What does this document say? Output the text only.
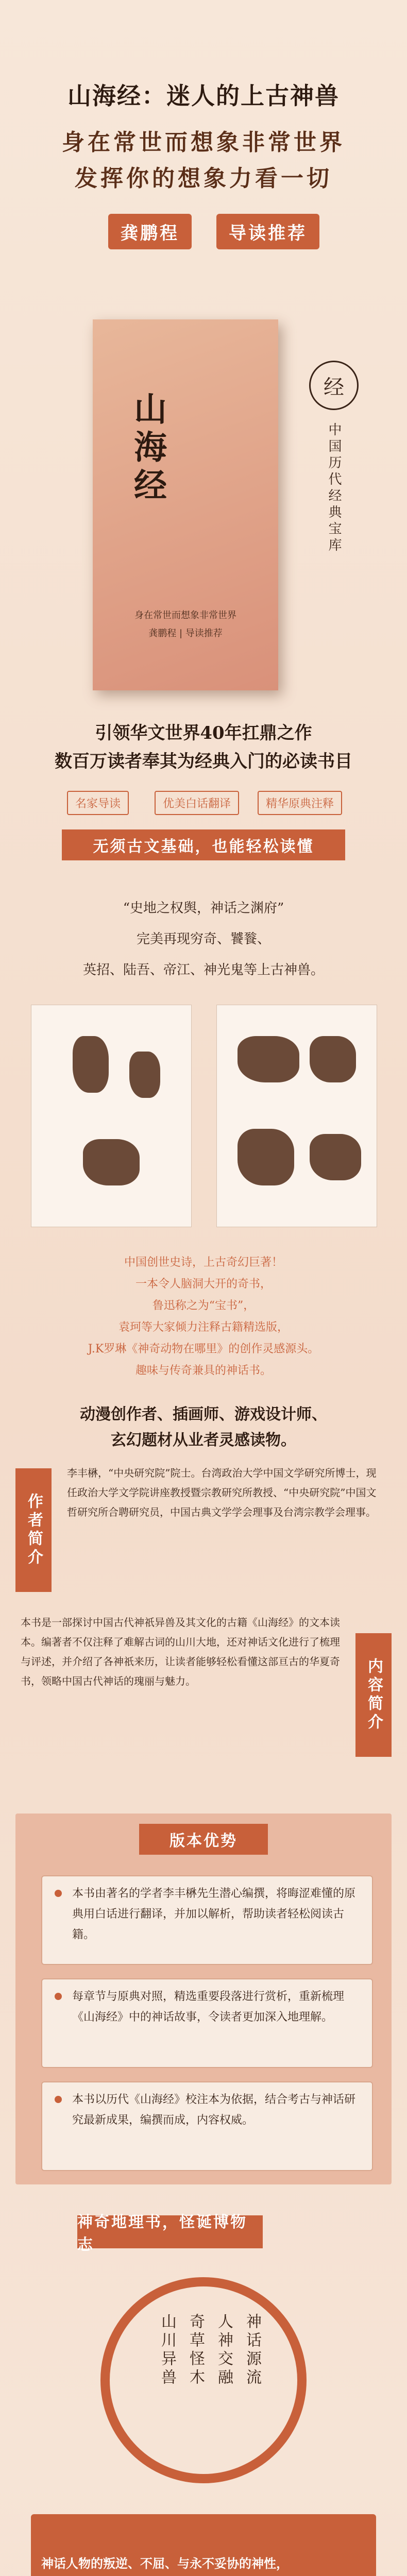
山海经：迷人的上古神兽
身在常世而想象非常世界
发挥你的想象力看一切
龚鹏程	导读推荐
山海经
身在常世而想象非常世界
龚鹏程 | 导读推荐
经
中国历代经典宝库
引领华文世界40年扛鼎之作
数百万读者奉其为经典入门的必读书目
名家导读	优美白话翻译	精华原典注释
无须古文基础，也能轻松读懂
“史地之权舆，神话之渊府”
完美再现穷奇、饕餮、
英招、陆吾、帝江、神光鬼等上古神兽。
中国创世史诗，上古奇幻巨著！
一本令人脑洞大开的奇书，
鲁迅称之为“宝书”，
袁珂等大家倾力注释古籍精选版，
J.K罗琳《神奇动物在哪里》的创作灵感源头。
趣味与传奇兼具的神话书。
动漫创作者、插画师、游戏设计师、
玄幻题材从业者灵感读物。
作者简介
李丰楙，“中央研究院”院士。台湾政治大学中国文学研究所博士，现任政治大学文学院讲座教授暨宗教研究所教授、“中央研究院”中国文哲研究所合聘研究员，中国古典文学学会理事及台湾宗教学会理事。
内容简介
本书是一部探讨中国古代神祇异兽及其文化的古籍《山海经》的文本读本。编著者不仅注释了难解古词的山川大地，还对神话文化进行了梳理与评述，并介绍了各神祇来历，让读者能够轻松看懂这部亘古的华夏奇书，领略中国古代神话的瑰丽与魅力。
版本优势
本书由著名的学者李丰楙先生潜心编撰，将晦涩难懂的原典用白话进行翻译，并加以解析，帮助读者轻松阅读古籍。
每章节与原典对照，精选重要段落进行赏析，重新梳理《山海经》中的神话故事，令读者更加深入地理解。
本书以历代《山海经》校注本为依据，结合考古与神话研究最新成果，编撰而成，内容权威。
神奇地理书，怪诞博物志
山川异兽 奇草怪木 人神交融 神话源流
神话人物的叛逆、不屈、与永不妥协的神性，
